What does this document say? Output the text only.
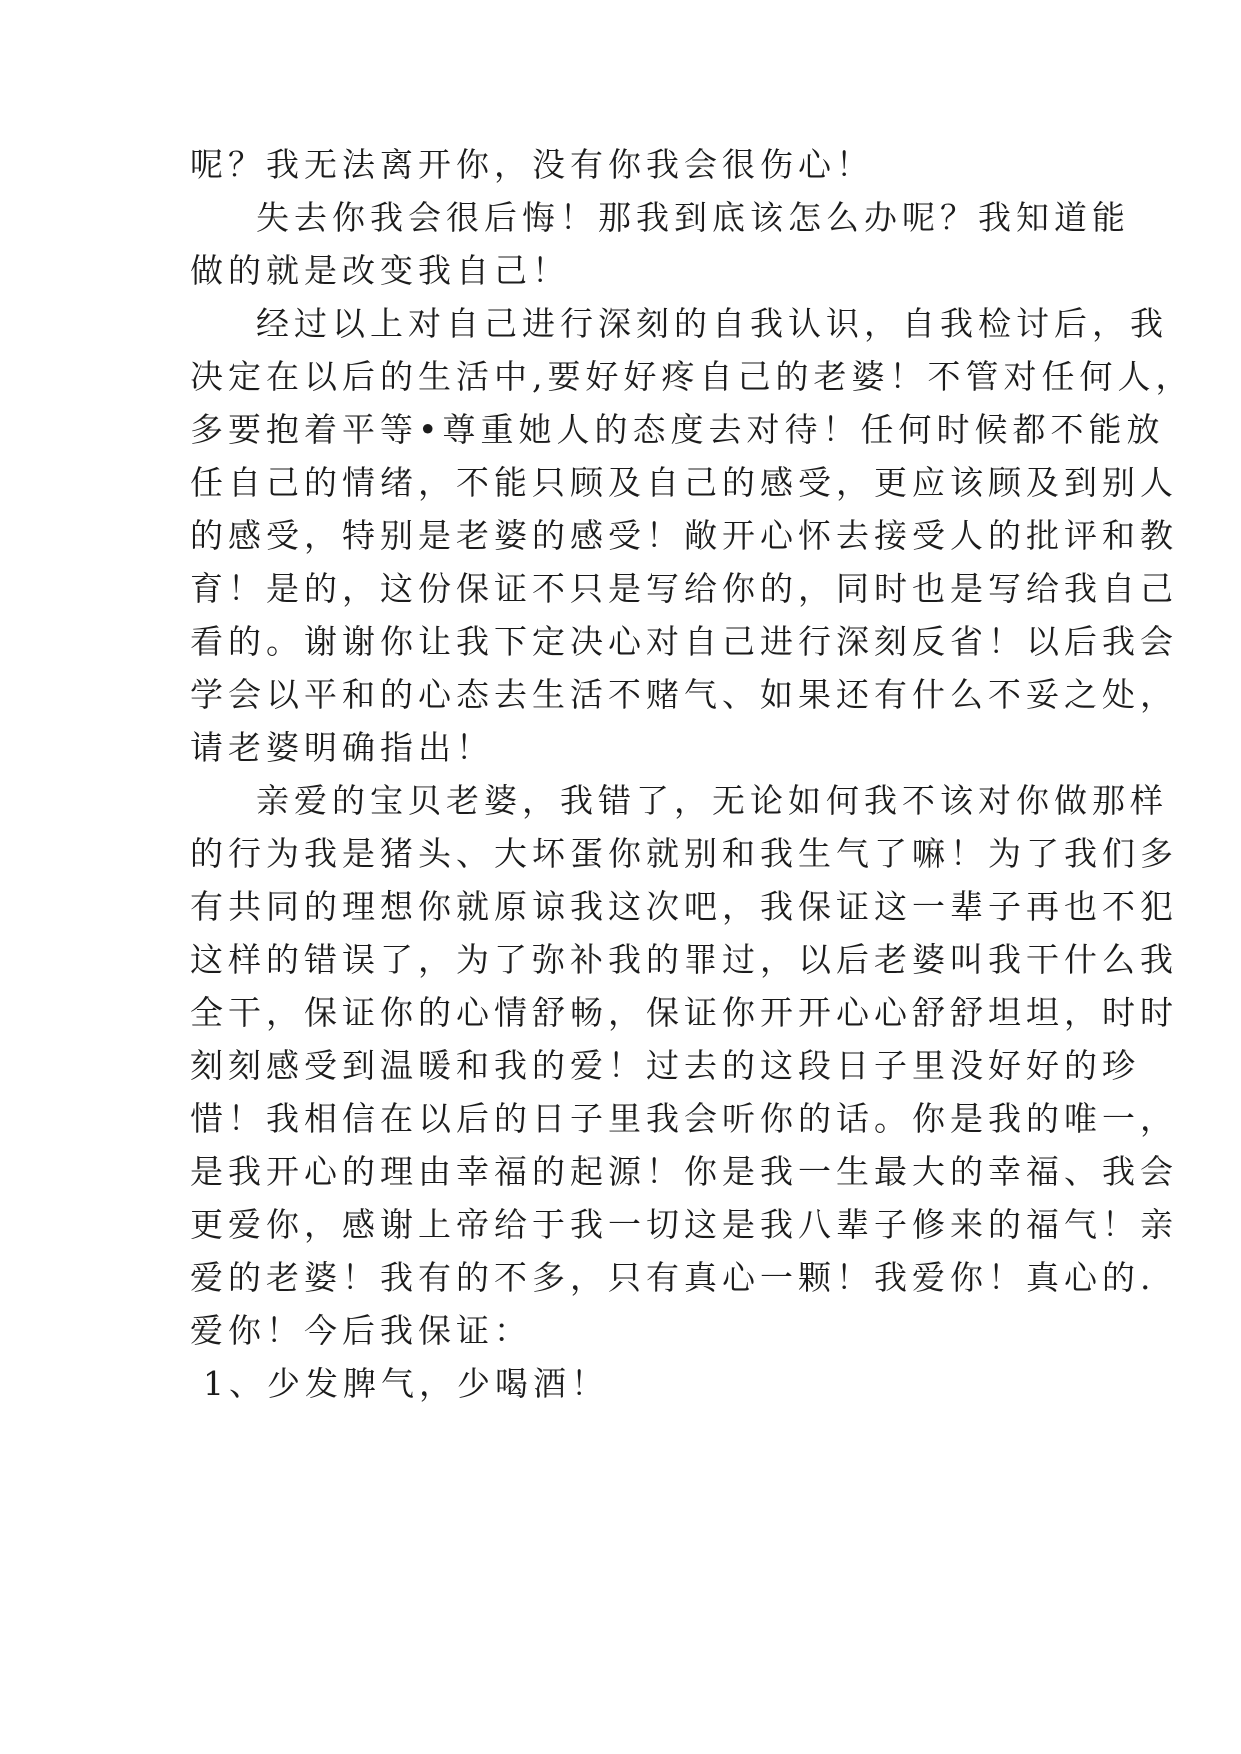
呢？我无法离开你，没有你我会很伤心！
失去你我会很后悔！那我到底该怎么办呢？我知道能
做的就是改变我自己！
经过以上对自己进行深刻的自我认识，自我检讨后，我
决定在以后的生活中,要好好疼自己的老婆！不管对任何人，
多要抱着平等•尊重她人的态度去对待！任何时候都不能放
任自己的情绪，不能只顾及自己的感受，更应该顾及到别人
的感受，特别是老婆的感受！敞开心怀去接受人的批评和教
育！是的，这份保证不只是写给你的，同时也是写给我自己
看的。谢谢你让我下定决心对自己进行深刻反省！以后我会
学会以平和的心态去生活不赌气、如果还有什么不妥之处，
请老婆明确指出！
亲爱的宝贝老婆，我错了，无论如何我不该对你做那样
的行为我是猪头、大坏蛋你就别和我生气了嘛！为了我们多
有共同的理想你就原谅我这次吧，我保证这一辈子再也不犯
这样的错误了，为了弥补我的罪过，以后老婆叫我干什么我
全干，保证你的心情舒畅，保证你开开心心舒舒坦坦，时时
刻刻感受到温暖和我的爱！过去的这段日子里没好好的珍
惜！我相信在以后的日子里我会听你的话。你是我的唯一，
是我开心的理由幸福的起源！你是我一生最大的幸福、我会
更爱你，感谢上帝给于我一切这是我八辈子修来的福气！亲
爱的老婆！我有的不多，只有真心一颗！我爱你！真心的.
爱你！今后我保证：
1、少发脾气，少喝酒！
